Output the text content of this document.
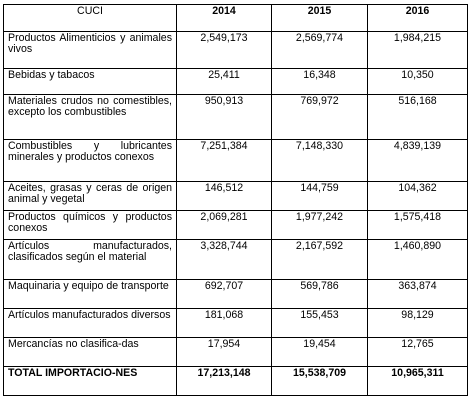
CUCI	2014	2015	2016
Productos Alimenticios y animales vivos	2,549,173	2,569,774	1,984,215
Bebidas y tabacos	25,411	16,348	10,350
Materiales crudos no comestibles, excepto los combustibles	950,913	769,972	516,168
Combustibles y lubricantes minerales y productos conexos	7,251,384	7,148,330	4,839,139
Aceites, grasas y ceras de origen animal y vegetal	146,512	144,759	104,362
Productos químicos y productos conexos	2,069,281	1,977,242	1,575,418
Artículos manufacturados, clasificados según el material	3,328,744	2,167,592	1,460,890
Maquinaria y equipo de transporte	692,707	569,786	363,874
Artículos manufacturados diversos	181,068	155,453	98,129
Mercancías no clasifica-das	17,954	19,454	12,765
TOTAL IMPORTACIO-NES	17,213,148	15,538,709	10,965,311
